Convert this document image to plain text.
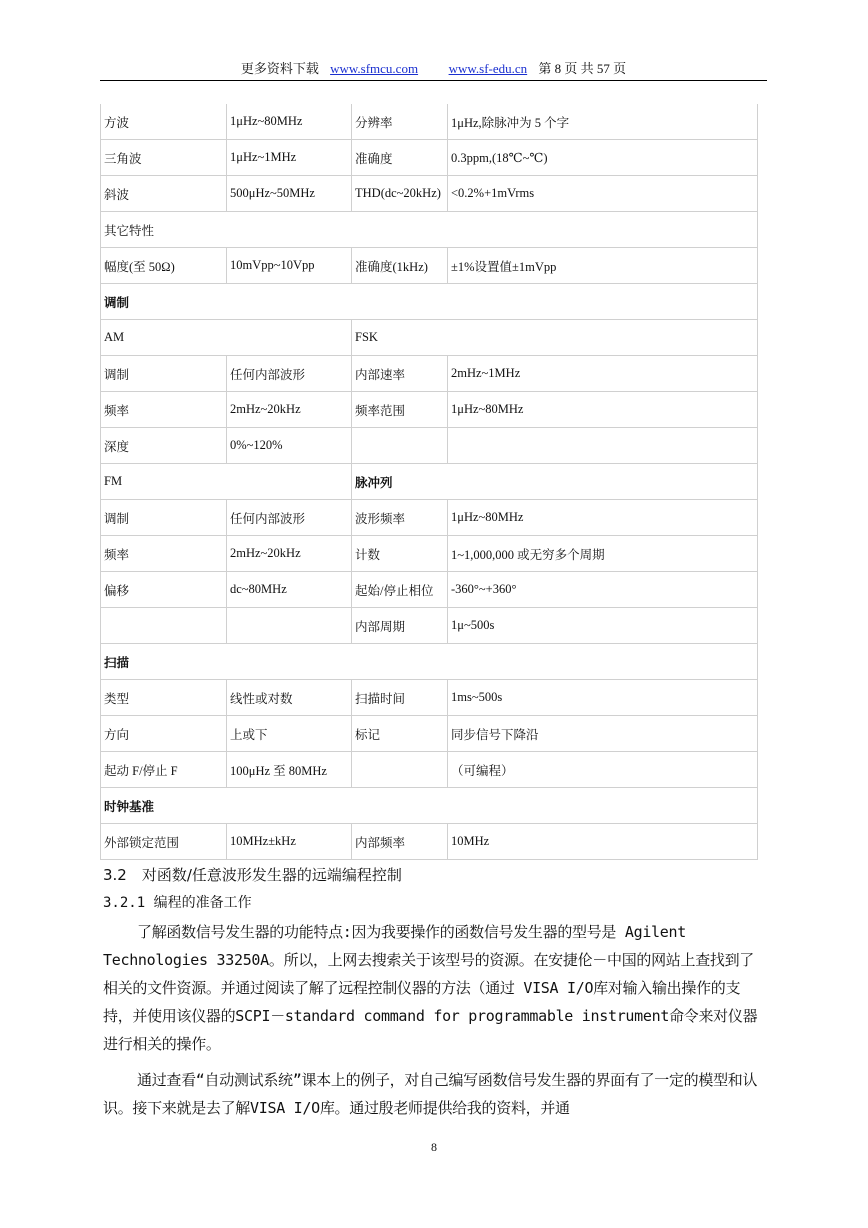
更多资料下载 www.sfmcu.com www.sf-edu.cn 第 8 页 共 57 页
方波	1μHz~80MHz	分辨率	1μHz,除脉冲为 5 个字
三角波	1μHz~1MHz	准确度	0.3ppm,(18℃~℃)
斜波	500μHz~50MHz	THD(dc~20kHz)	<0.2%+1mVrms
其它特性			
幅度(至 50Ω)	10mVpp~10Vpp	准确度(1kHz)	±1%设置值±1mVpp
调制			
AM		FSK	
调制	任何内部波形	内部速率	2mHz~1MHz
频率	2mHz~20kHz	频率范围	1μHz~80MHz
深度	0%~120%		
FM		脉冲列	
调制	任何内部波形	波形频率	1μHz~80MHz
频率	2mHz~20kHz	计数	1~1,000,000 或无穷多个周期
偏移	dc~80MHz	起始/停止相位	-360°~+360°
		内部周期	1μ~500s
扫描			
类型	线性或对数	扫描时间	1ms~500s
方向	上或下	标记	同步信号下降沿
起动 F/停止 F	100μHz 至 80MHz		（可编程）
时钟基准			
外部锁定范围	10MHz±kHz	内部频率	10MHz
3.2　对函数/任意波形发生器的远端编程控制
3.2.1 编程的准备工作
了解函数信号发生器的功能特点:因为我要操作的函数信号发生器的型号是 Agilent Technologies 33250A。所以，上网去搜索关于该型号的资源。在安捷伦－中国的网站上查找到了相关的文件资源。并通过阅读了解了远程控制仪器的方法（通过 VISA I/O库对输入输出操作的支持，并使用该仪器的SCPI－standard command for programmable instrument命令来对仪器进行相关的操作。
通过查看“自动测试系统”课本上的例子，对自己编写函数信号发生器的界面有了一定的模型和认识。接下来就是去了解VISA I/O库。通过殷老师提供给我的资料，并通
8
